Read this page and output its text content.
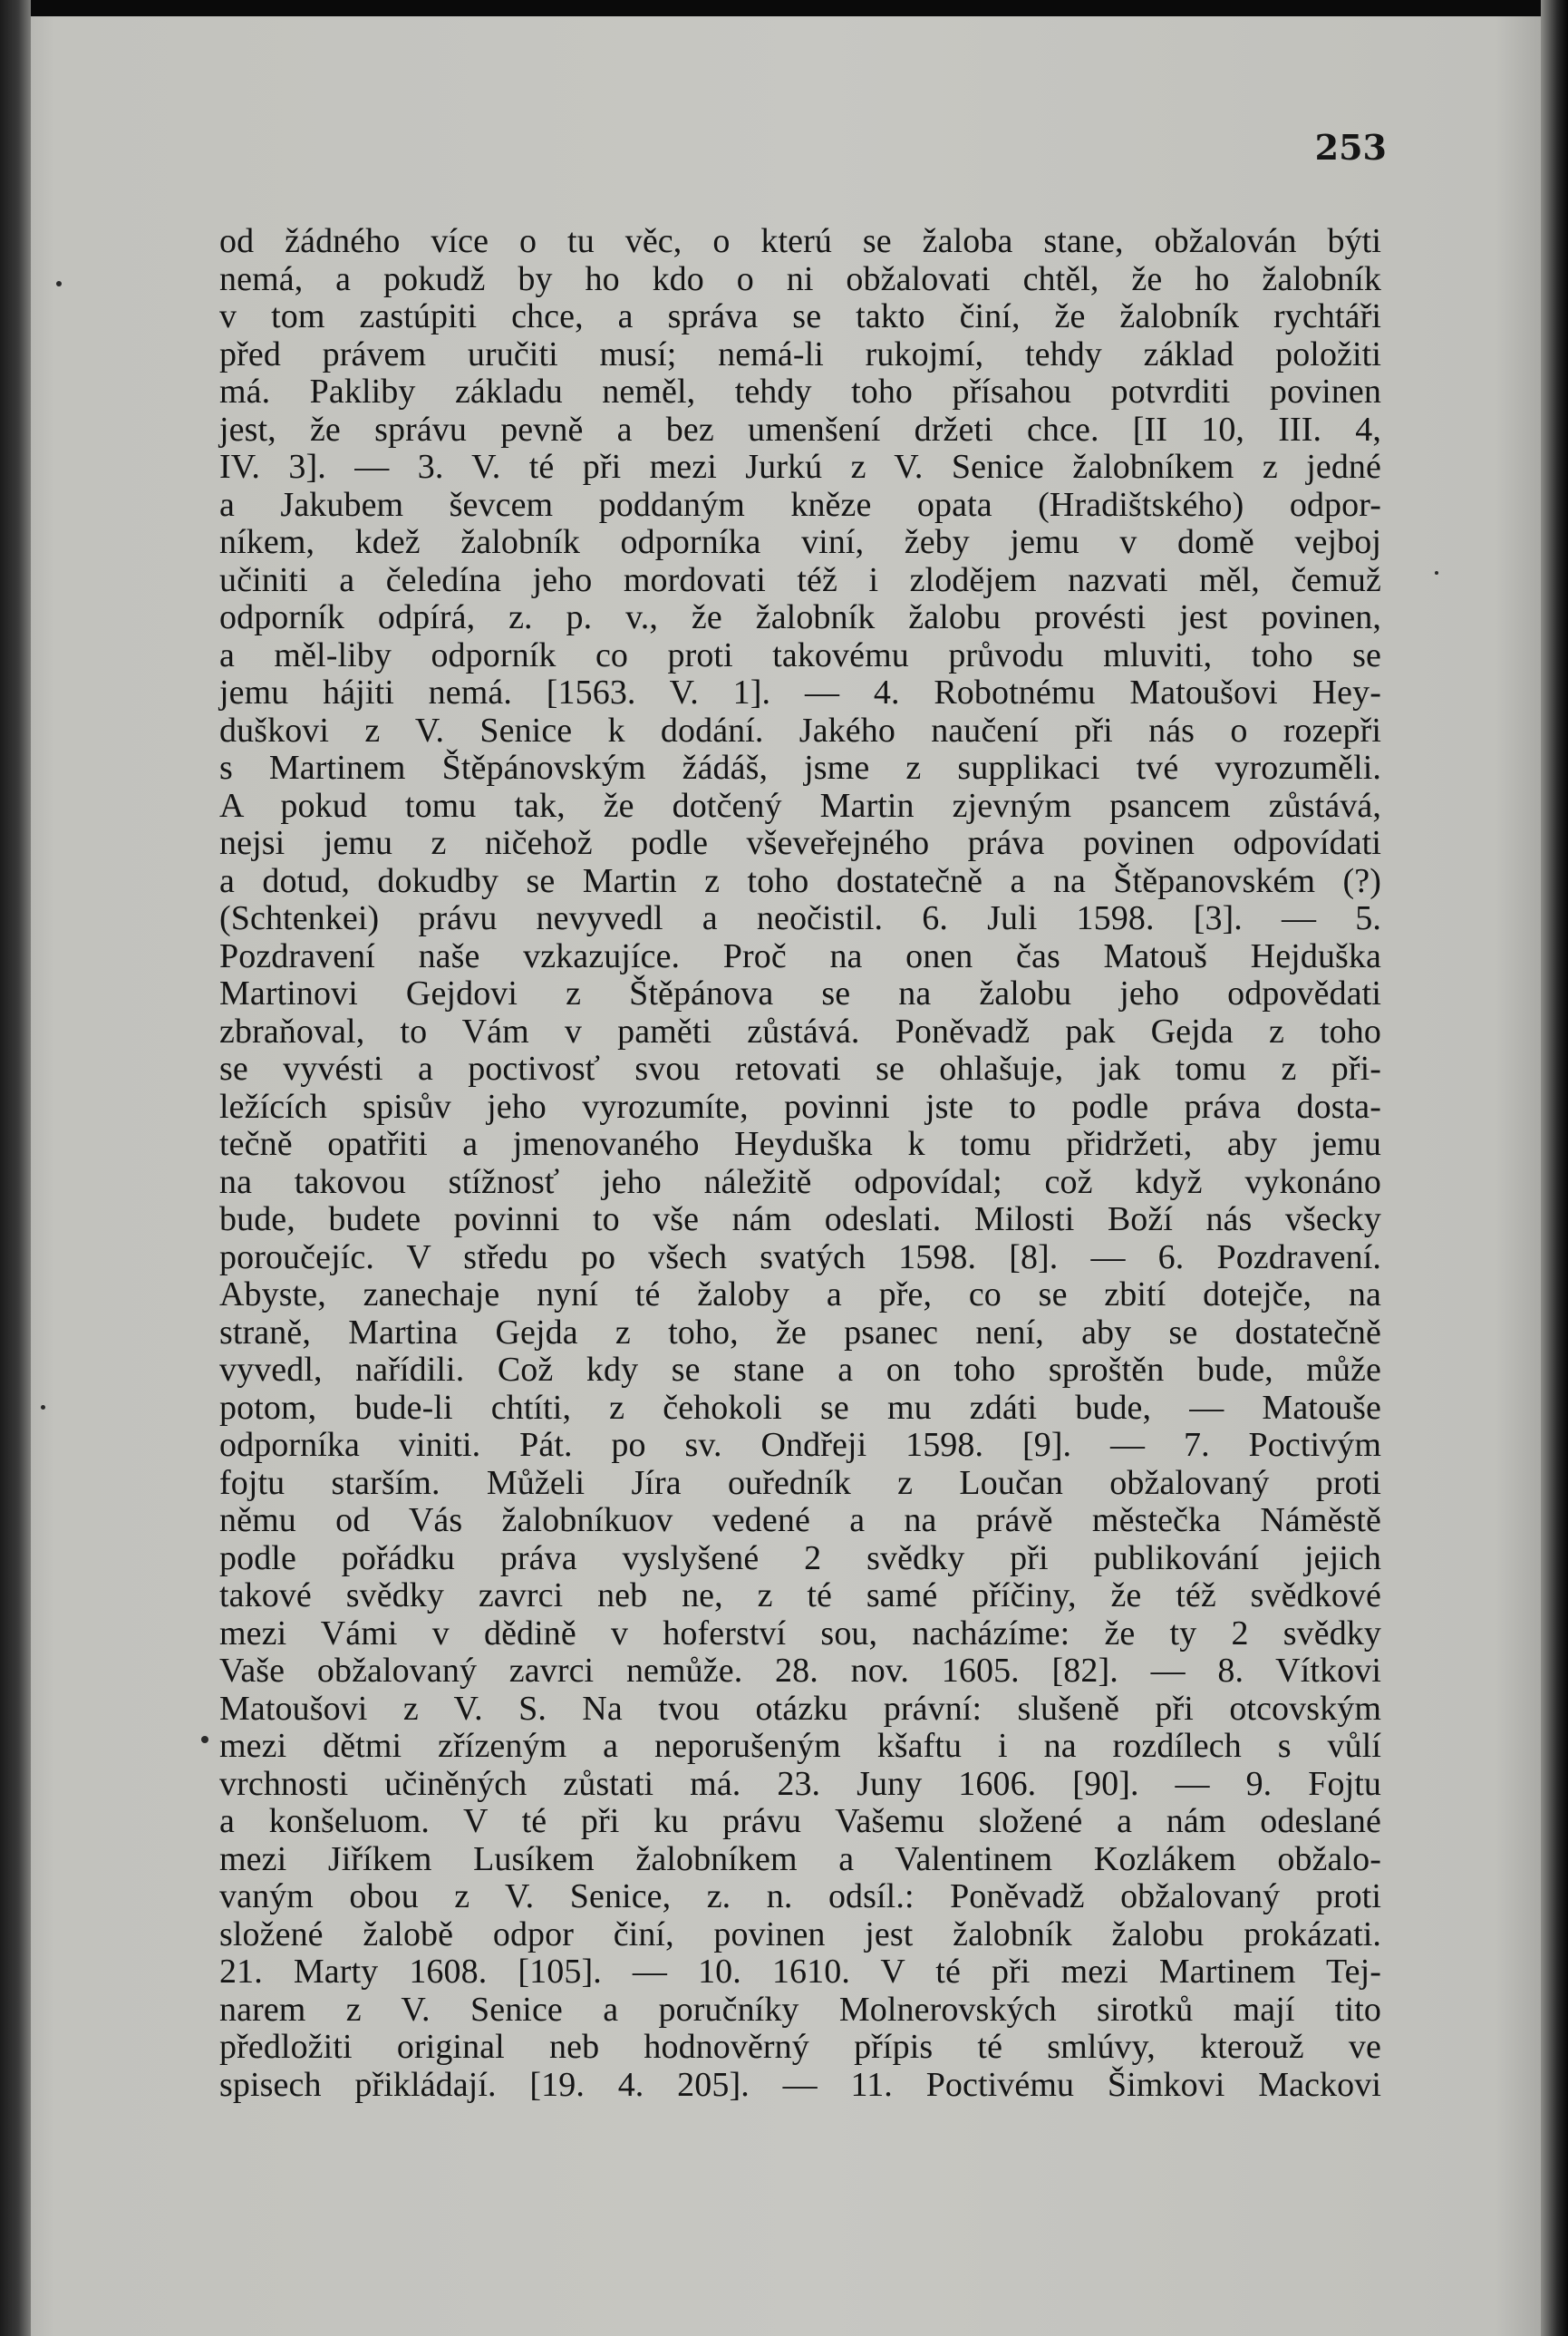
253
od žádného více o tu věc, o kterú se žaloba stane, obžalován býti
nemá, a pokudž by ho kdo o ni obžalovati chtěl, že ho žalobník
v tom zastúpiti chce, a správa se takto činí, že žalobník rychtáři
před právem uručiti musí; nemá-li rukojmí, tehdy základ položiti
má. Pakliby základu neměl, tehdy toho přísahou potvrditi povinen
jest, že správu pevně a bez umenšení držeti chce. [II 10, III. 4,
IV. 3]. — 3. V. té při mezi Jurkú z V. Senice žalobníkem z jedné
a Jakubem ševcem poddaným kněze opata (Hradištského) odpor-
níkem, kdež žalobník odporníka viní, žeby jemu v domě vejboj
učiniti a čeledína jeho mordovati též i zlodějem nazvati měl, čemuž
odporník odpírá, z. p. v., že žalobník žalobu provésti jest povinen,
a měl-liby odporník co proti takovému průvodu mluviti, toho se
jemu hájiti nemá. [1563. V. 1]. — 4. Robotnému Matoušovi Hey-
duškovi z V. Senice k dodání. Jakého naučení při nás o rozepři
s Martinem Štěpánovským žádáš, jsme z supplikaci tvé vyrozuměli.
A pokud tomu tak, že dotčený Martin zjevným psancem zůstává,
nejsi jemu z ničehož podle vševeřejného práva povinen odpovídati
a dotud, dokudby se Martin z toho dostatečně a na Štěpanovském (?)
(Schtenkei) právu nevyvedl a neočistil. 6. Juli 1598. [3]. — 5.
Pozdravení naše vzkazujíce. Proč na onen čas Matouš Hejduška
Martinovi Gejdovi z Štěpánova se na žalobu jeho odpovědati
zbraňoval, to Vám v paměti zůstává. Poněvadž pak Gejda z toho
se vyvésti a poctivosť svou retovati se ohlašuje, jak tomu z při-
ležících spisův jeho vyrozumíte, povinni jste to podle práva dosta-
tečně opatřiti a jmenovaného Heyduška k tomu přidržeti, aby jemu
na takovou stížnosť jeho náležitě odpovídal; což když vykonáno
bude, budete povinni to vše nám odeslati. Milosti Boží nás všecky
poroučejíc. V středu po všech svatých 1598. [8]. — 6. Pozdravení.
Abyste, zanechaje nyní té žaloby a pře, co se zbití dotejče, na
straně, Martina Gejda z toho, že psanec není, aby se dostatečně
vyvedl, nařídili. Což kdy se stane a on toho sproštěn bude, může
potom, bude-li chtíti, z čehokoli se mu zdáti bude, — Matouše
odporníka viniti. Pát. po sv. Ondřeji 1598. [9]. — 7. Poctivým
fojtu starším. Můželi Jíra ouředník z Loučan obžalovaný proti
němu od Vás žalobníkuov vedené a na právě městečka Náměstě
podle pořádku práva vyslyšené 2 svědky při publikování jejich
takové svědky zavrci neb ne, z té samé příčiny, že též svědkové
mezi Vámi v dědině v hoferství sou, nacházíme: že ty 2 svědky
Vaše obžalovaný zavrci nemůže. 28. nov. 1605. [82]. — 8. Vítkovi
Matoušovi z V. S. Na tvou otázku právní: slušeně při otcovským
mezi dětmi zřízeným a neporušeným kšaftu i na rozdílech s vůlí
vrchnosti učiněných zůstati má. 23. Juny 1606. [90]. — 9. Fojtu
a konšeluom. V té při ku právu Vašemu složené a nám odeslané
mezi Jiříkem Lusíkem žalobníkem a Valentinem Kozlákem obžalo-
vaným obou z V. Senice, z. n. odsíl.: Poněvadž obžalovaný proti
složené žalobě odpor činí, povinen jest žalobník žalobu prokázati.
21. Marty 1608. [105]. — 10. 1610. V té při mezi Martinem Tej-
narem z V. Senice a poručníky Molnerovských sirotků mají tito
předložiti original neb hodnověrný přípis té smlúvy, kterouž ve
spisech přikládají. [19. 4. 205]. — 11. Poctivému Šimkovi Mackovi
